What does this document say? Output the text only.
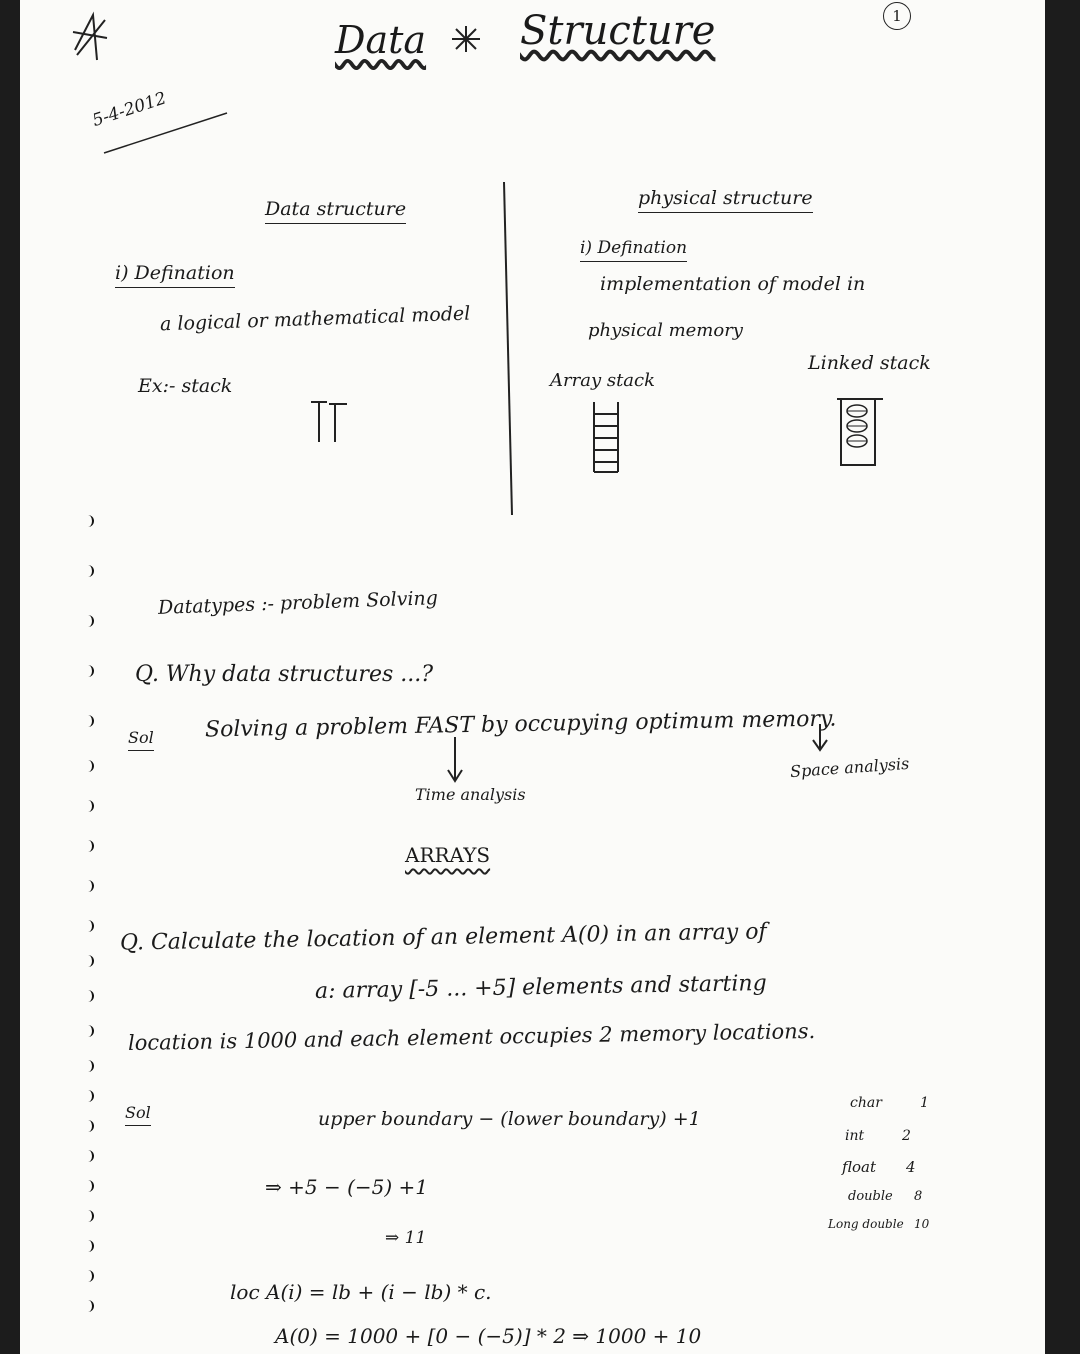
1
Data Structure
5-4-2012
Data structure
i) Defination
a logical or mathematical model
Ex:- stack
physical structure
i) Defination
implementation of model in
physical memory
Array stack
Linked stack
Datatypes :- problem Solving
Q. Why data structures ...?
Sol Solving a problem FAST by occupying optimum memory.
Time analysis
Space analysis
ARRAYS
Q. Calculate the location of an element A(0) in an array of
a: array [-5 ... +5] elements and starting
location is 1000 and each element occupies 2 memory locations.
Sol	upper boundary − (lower boundary) +1
⇒ +5 − (−5) +1
⇒ 11
char	1
int	2
float 4
double 8
Long double 10
loc A(i) = lb + (i − lb) * c.
A(0) = 1000 + [0 − (−5)] * 2 ⇒ 1000 + 10
